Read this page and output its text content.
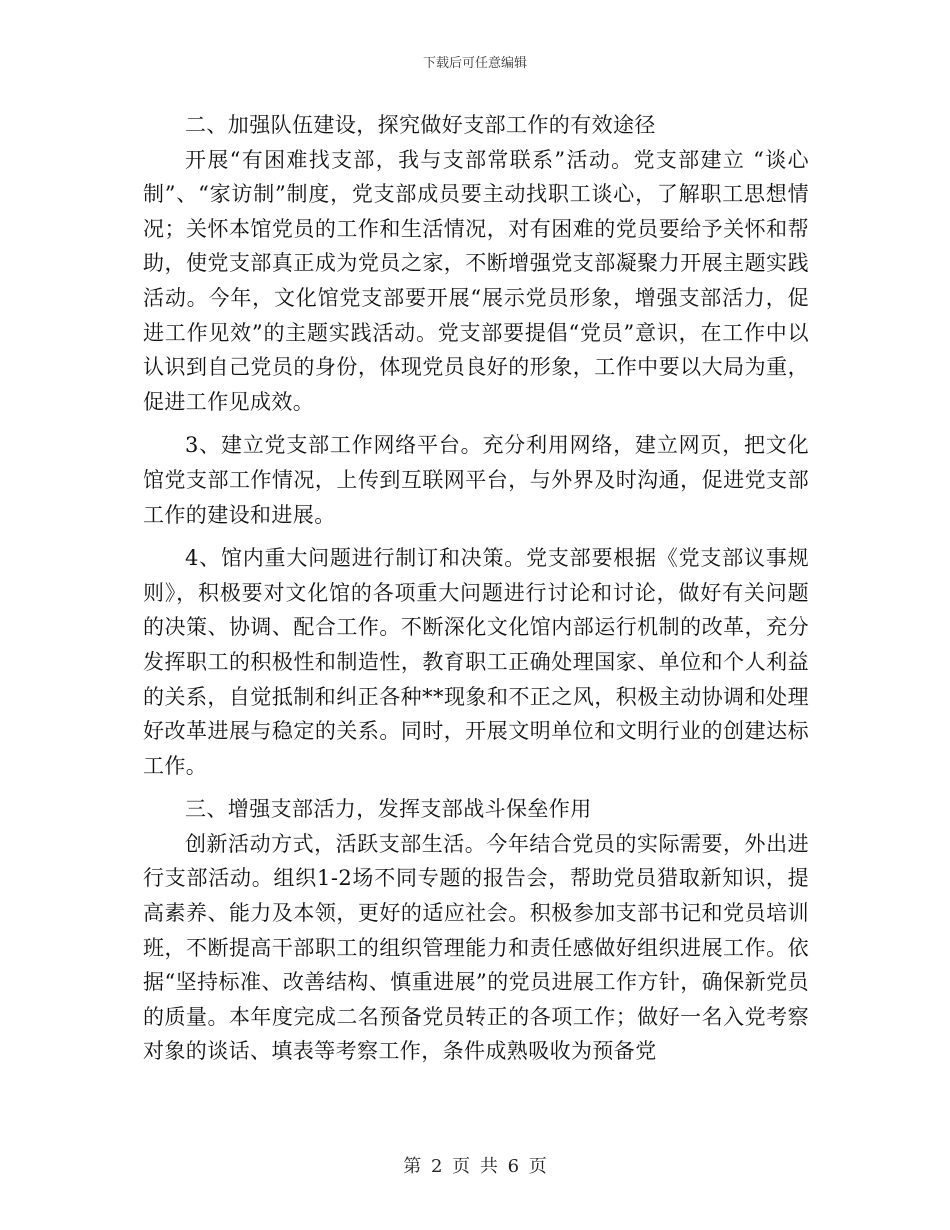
下载后可任意编辑

二、加强队伍建设，探究做好支部工作的有效途径

开展“有困难找支部，我与支部常联系”活动。党支部建立 “谈心制”、“家访制”制度，党支部成员要主动找职工谈心，了解职工思想情况；关怀本馆党员的工作和生活情况，对有困难的党员要给予关怀和帮助，使党支部真正成为党员之家，不断增强党支部凝聚力开展主题实践活动。今年，文化馆党支部要开展“展示党员形象，增强支部活力，促进工作见效”的主题实践活动。党支部要提倡“党员”意识，在工作中以认识到自己党员的身份，体现党员良好的形象，工作中要以大局为重，促进工作见成效。

3、建立党支部工作网络平台。充分利用网络，建立网页，把文化馆党支部工作情况，上传到互联网平台，与外界及时沟通，促进党支部工作的建设和进展。

4、馆内重大问题进行制订和决策。党支部要根据《党支部议事规则》，积极要对文化馆的各项重大问题进行讨论和讨论，做好有关问题的决策、协调、配合工作。不断深化文化馆内部运行机制的改革，充分发挥职工的积极性和制造性，教育职工正确处理国家、单位和个人利益的关系，自觉抵制和纠正各种**现象和不正之风，积极主动协调和处理好改革进展与稳定的关系。同时，开展文明单位和文明行业的创建达标工作。

三、增强支部活力，发挥支部战斗保垒作用

创新活动方式，活跃支部生活。今年结合党员的实际需要，外出进行支部活动。组织1-2场不同专题的报告会，帮助党员猎取新知识，提高素养、能力及本领，更好的适应社会。积极参加支部书记和党员培训班，不断提高干部职工的组织管理能力和责任感做好组织进展工作。依据“坚持标准、改善结构、慎重进展”的党员进展工作方针，确保新党员的质量。本年度完成二名预备党员转正的各项工作；做好一名入党考察对象的谈话、填表等考察工作，条件成熟吸收为预备党

第 2 页 共 6 页
